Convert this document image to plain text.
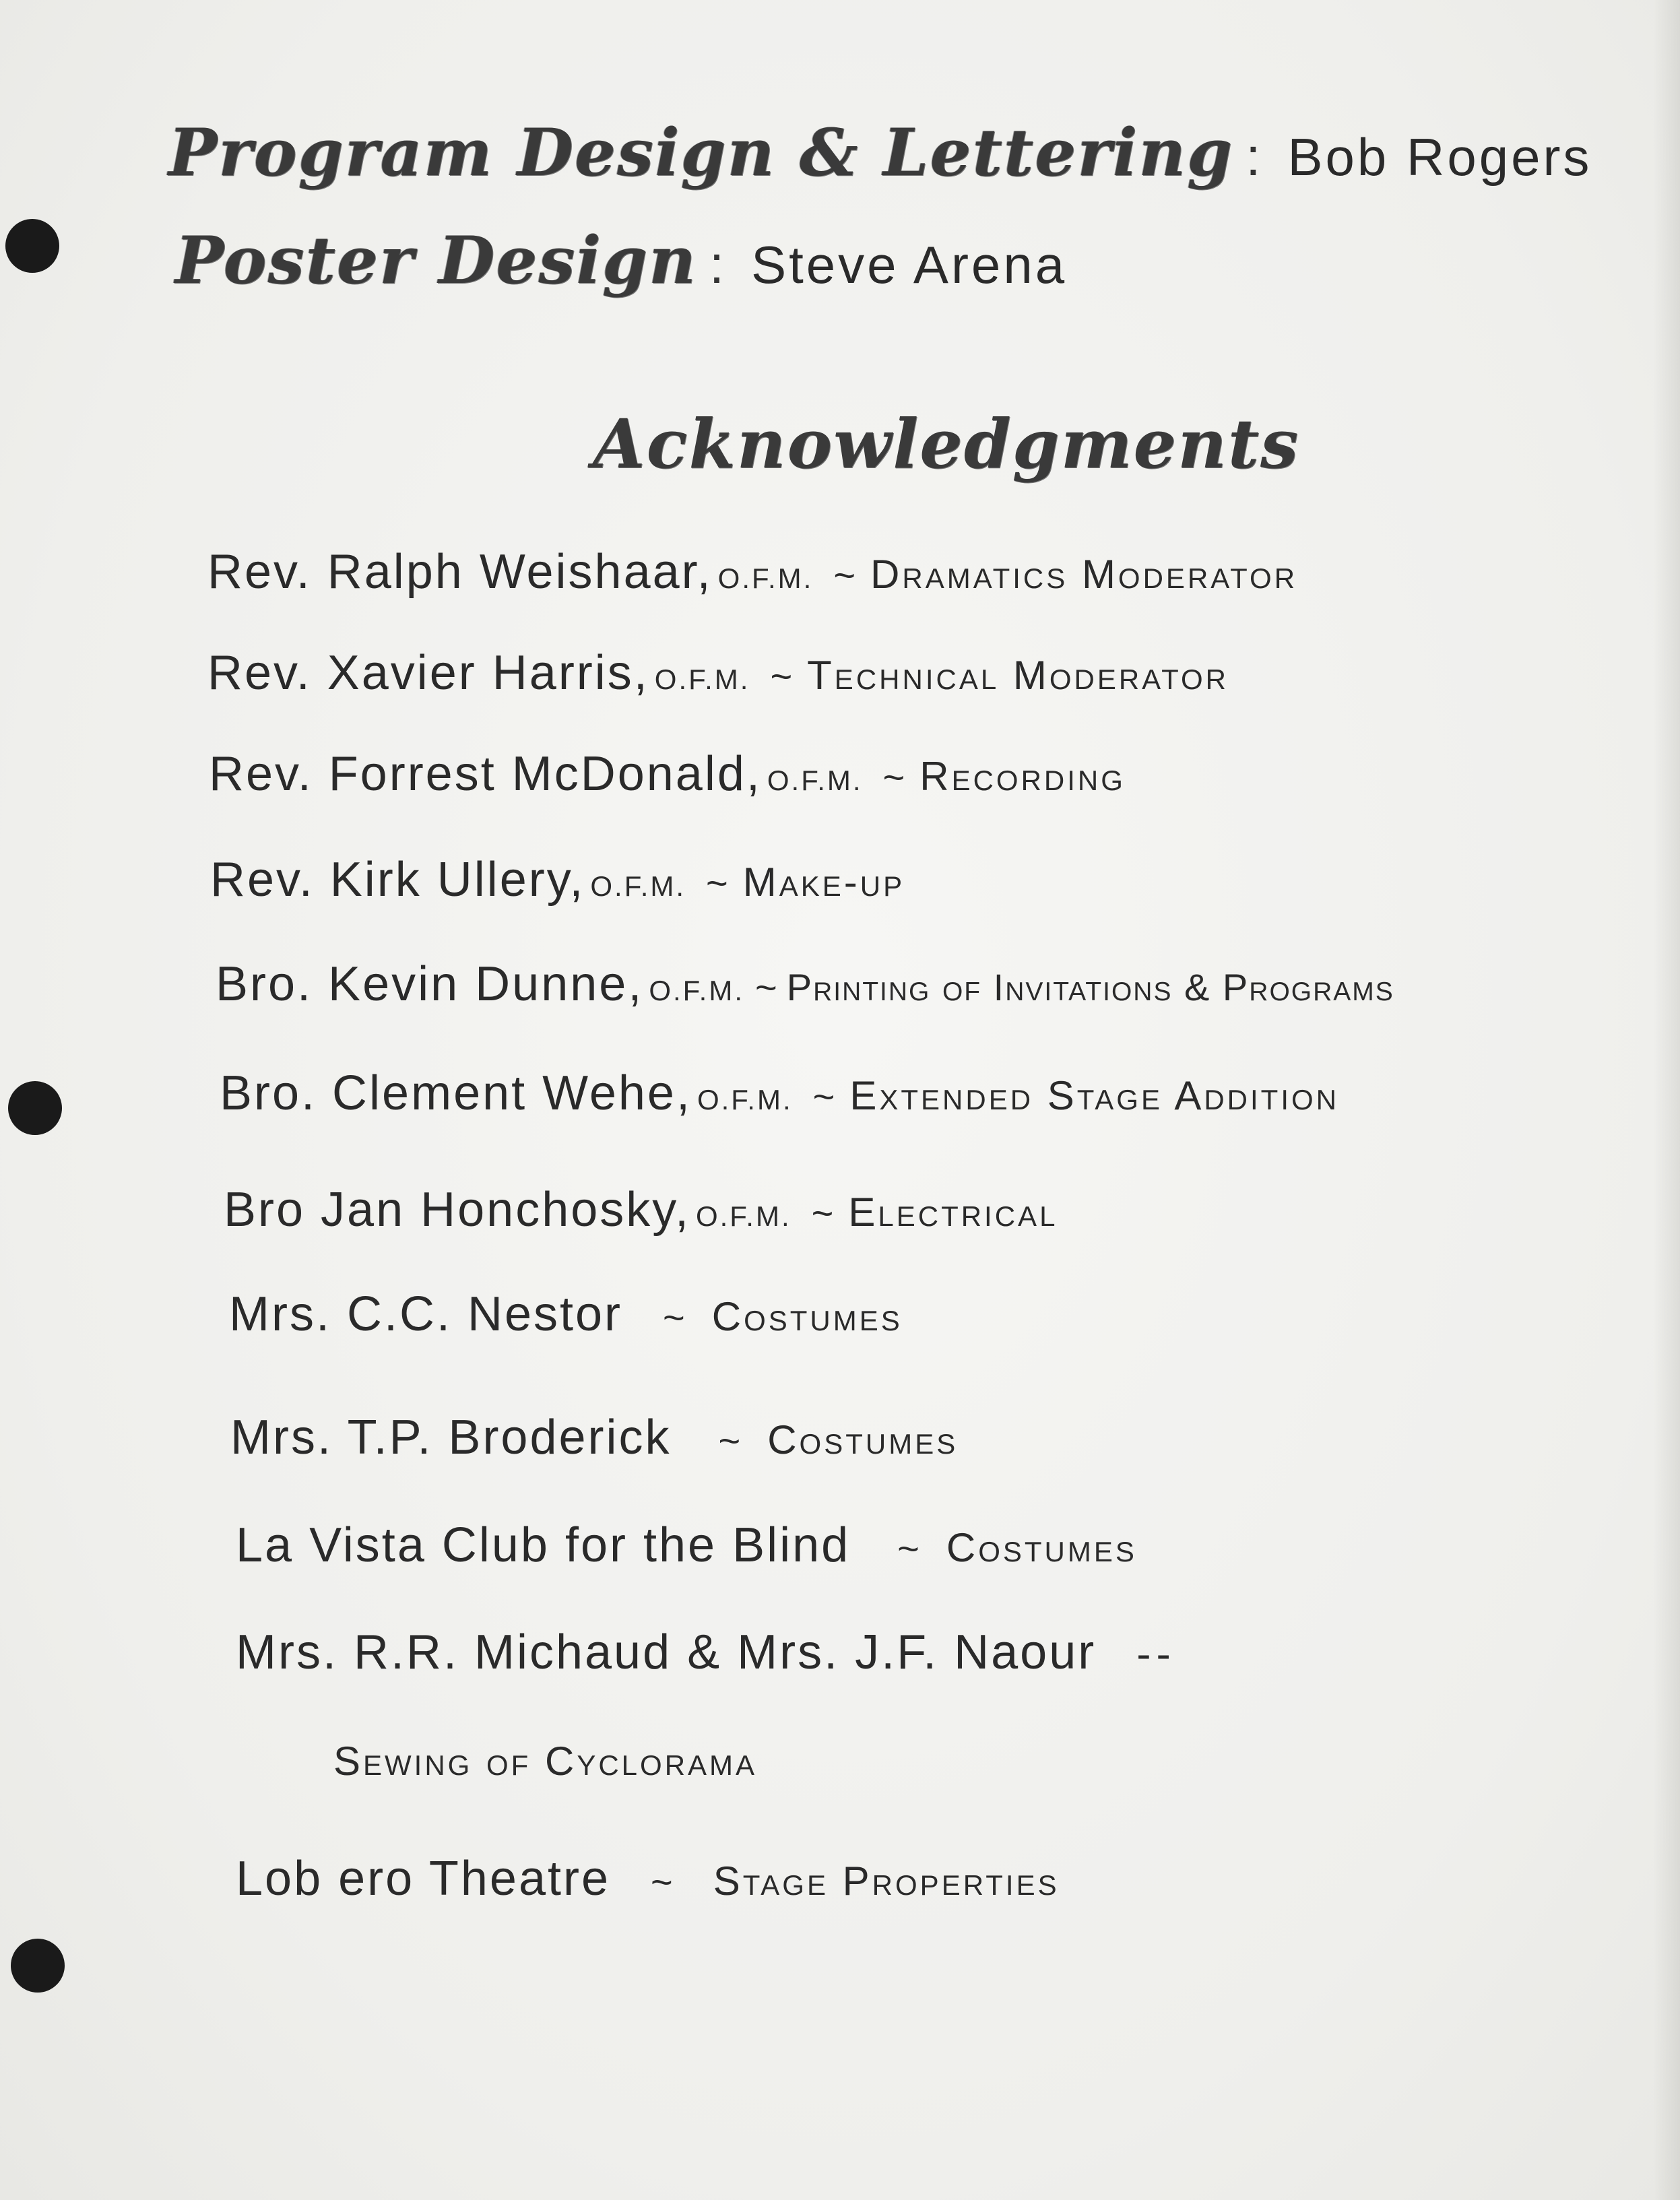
Program Design & Lettering : Bob Rogers
Poster Design : Steve Arena
Acknowledgments
Rev. Ralph Weishaar, O.F.M. ~ Dramatics Moderator
Rev. Xavier Harris, O.F.M. ~ Technical Moderator
Rev. Forrest McDonald, O.F.M. ~ Recording
Rev. Kirk Ullery, O.F.M. ~ Make-up
Bro. Kevin Dunne, O.F.M. ~ Printing of Invitations & Programs
Bro. Clement Wehe, O.F.M. ~ Extended Stage Addition
Bro Jan Honchosky, O.F.M. ~ Electrical
Mrs. C.C. Nestor ~ Costumes
Mrs. T.P. Broderick ~ Costumes
La Vista Club for the Blind ~ Costumes
Mrs. R.R. Michaud & Mrs. J.F. Naour --
Sewing of Cyclorama
Lob ero Theatre ~ Stage Properties
